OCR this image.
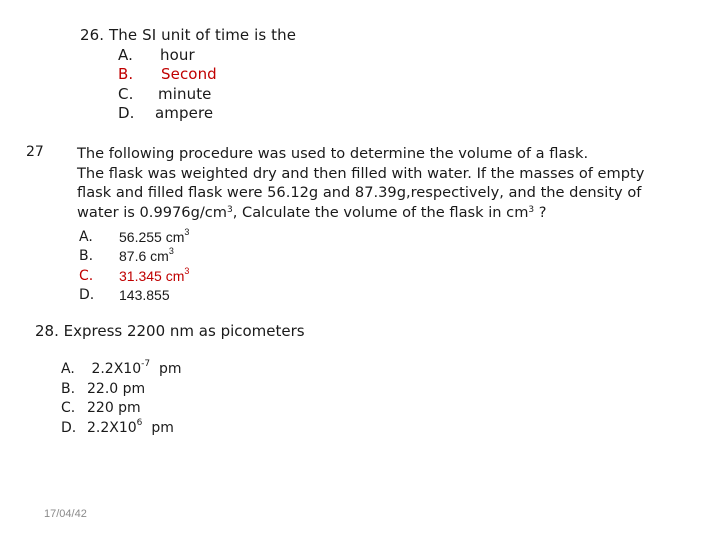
26. The SI unit of time is the
A. hour
B. Second
C. minute
D. ampere
27 The following procedure was used to determine the volume of a flask.
The flask was weighted dry and then filled with water. If the masses of empty
flask and filled flask were 56.12g and 87.39g,respectively, and the density of
water is $0.9976g/cm^3$, Calculate the volume of the flask in $cm^3$ ?
A. 56.255 $cm^3$
B. 87.6 $cm^3$
C. 31.345 $cm^3$
D. 143.855
28. Express 2200 nm as picometers
A.	$2.2X10^{-7}$ pm
B. 22.0 pm
C. 220 pm
D. $2.2X10^6$ pm
17/04/42
